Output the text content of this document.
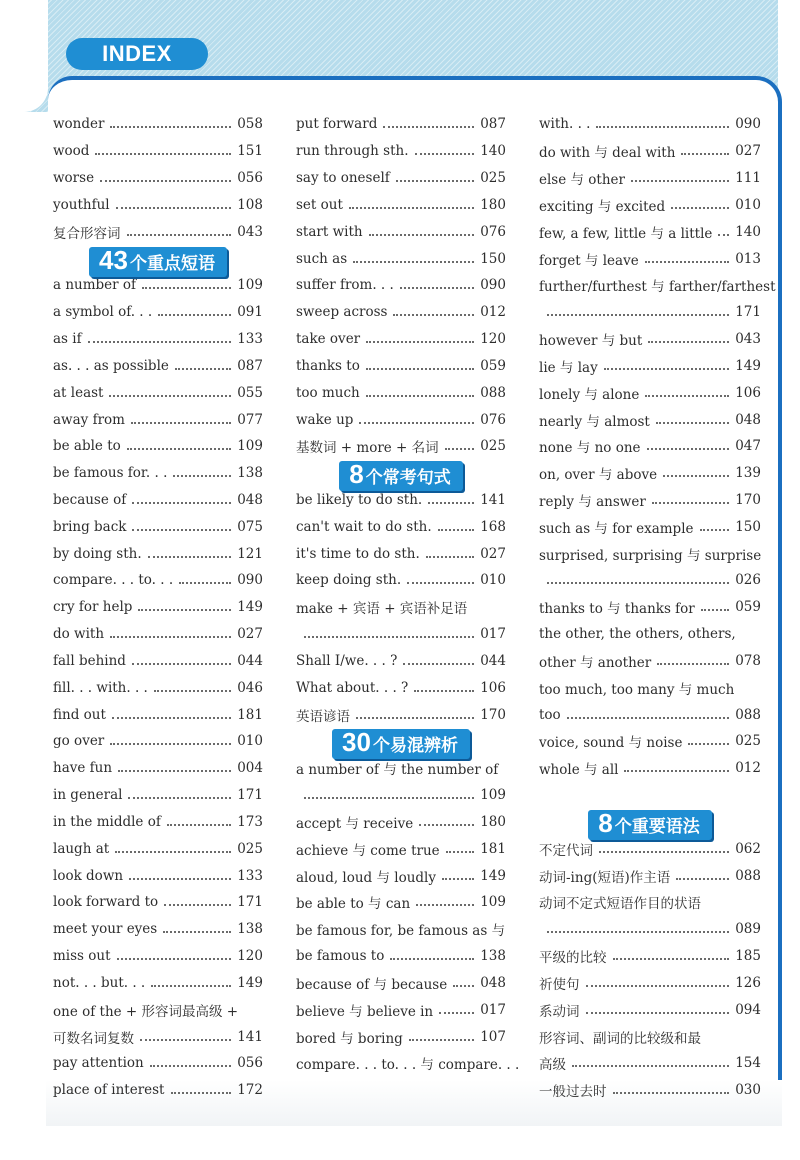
INDEX
wonder	058
wood	151
worse	056
youthful	108
复合形容词	043
43 个重点短语
a number of	109
a symbol of. . .	091
as if	133
as. . . as possible	087
at least	055
away from	077
be able to	109
be famous for. . .	138
because of	048
bring back	075
by doing sth.	121
compare. . . to. . .	090
cry for help	149
do with	027
fall behind	044
fill. . . with. . .	046
find out	181
go over	010
have fun	004
in general	171
in the middle of	173
laugh at	025
look down	133
look forward to	171
meet your eyes	138
miss out	120
not. . . but. . .	149
one of the + 形容词最高级 +
可数名词复数	141
pay attention	056
place of interest	172
put forward	087
run through sth.	140
say to oneself	025
set out	180
start with	076
such as	150
suffer from. . .	090
sweep across	012
take over	120
thanks to	059
too much	088
wake up	076
基数词 + more + 名词	025
8 个常考句式
be likely to do sth.	141
can't wait to do sth.	168
it's time to do sth.	027
keep doing sth.	010
make + 宾语 + 宾语补足语
017
Shall I/we. . . ?	044
What about. . . ?	106
英语谚语	170
30 个易混辨析
a number of 与 the number of
109
accept 与 receive	180
achieve 与 come true	181
aloud, loud 与 loudly	149
be able to 与 can	109
be famous for, be famous as 与
be famous to	138
because of 与 because 048
believe 与 believe in	017
bored 与 boring	107
compare. . . to. . . 与 compare. . .
with. . .	090
do with 与 deal with	027
else 与 other	111
exciting 与 excited	010
few, a few, little 与 a little 140
forget 与 leave	013
further/furthest 与 farther/farthest
171
however 与 but	043
lie 与 lay	149
lonely 与 alone	106
nearly 与 almost	048
none 与 no one	047
on, over 与 above	139
reply 与 answer	170
such as 与 for example	150
surprised, surprising 与 surprise
026
thanks to 与 thanks for	059
the other, the others, others,
other 与 another	078
too much, too many 与 much
too	088
voice, sound 与 noise	025
whole 与 all	012
8 个重要语法
不定代词	062
动词-ing(短语)作主语	088
动词不定式短语作目的状语
089
平级的比较	185
祈使句	126
系动词	094
形容词、副词的比较级和最
高级	154
一般过去时	030
